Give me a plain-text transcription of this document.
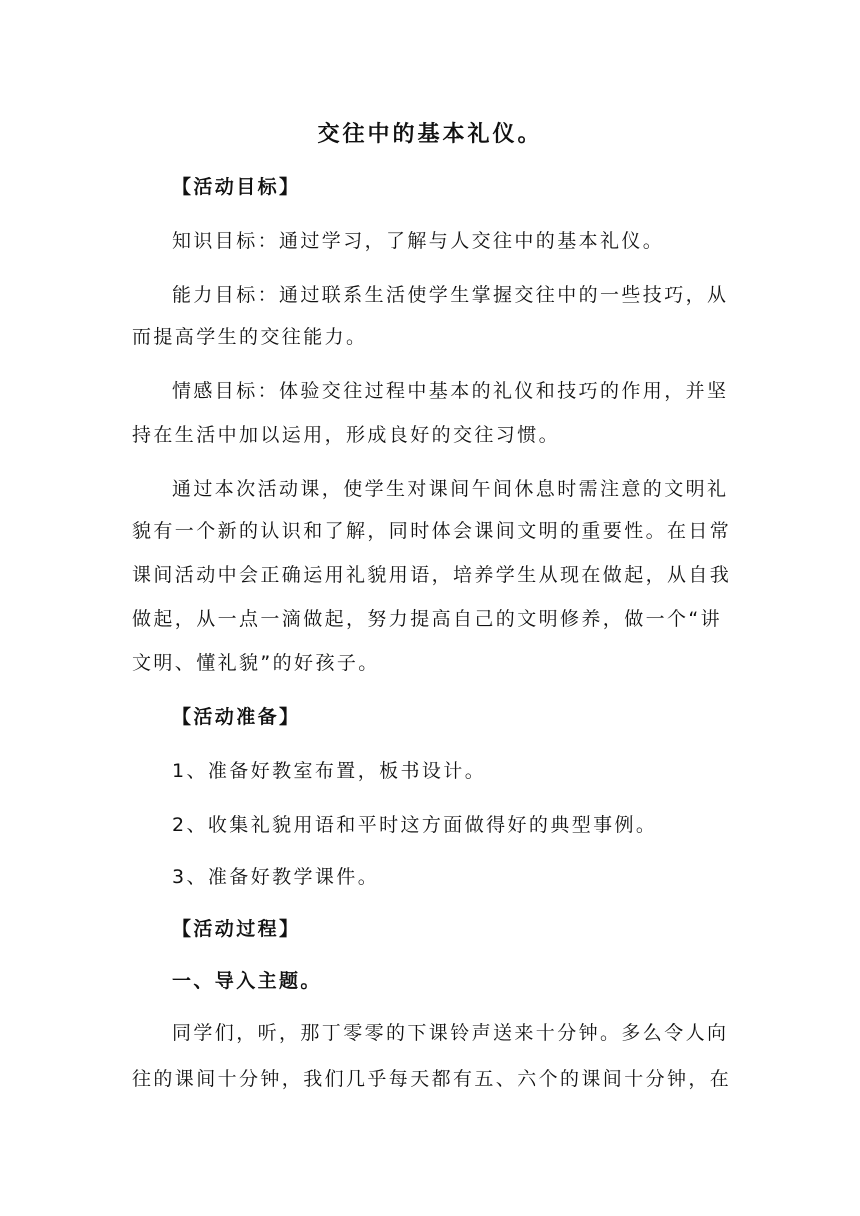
交往中的基本礼仪。
【活动目标】
知识目标：通过学习，了解与人交往中的基本礼仪。
能力目标：通过联系生活使学生掌握交往中的一些技巧，从
而提高学生的交往能力。
情感目标：体验交往过程中基本的礼仪和技巧的作用，并坚
持在生活中加以运用，形成良好的交往习惯。
通过本次活动课，使学生对课间午间休息时需注意的文明礼
貌有一个新的认识和了解，同时体会课间文明的重要性。在日常
课间活动中会正确运用礼貌用语，培养学生从现在做起，从自我
做起，从一点一滴做起，努力提高自己的文明修养，做一个“讲
文明、懂礼貌”的好孩子。
【活动准备】
1、准备好教室布置，板书设计。
2、收集礼貌用语和平时这方面做得好的典型事例。
3、准备好教学课件。
【活动过程】
一、导入主题。
同学们，听，那丁零零的下课铃声送来十分钟。多么令人向
往的课间十分钟，我们几乎每天都有五、六个的课间十分钟，在
